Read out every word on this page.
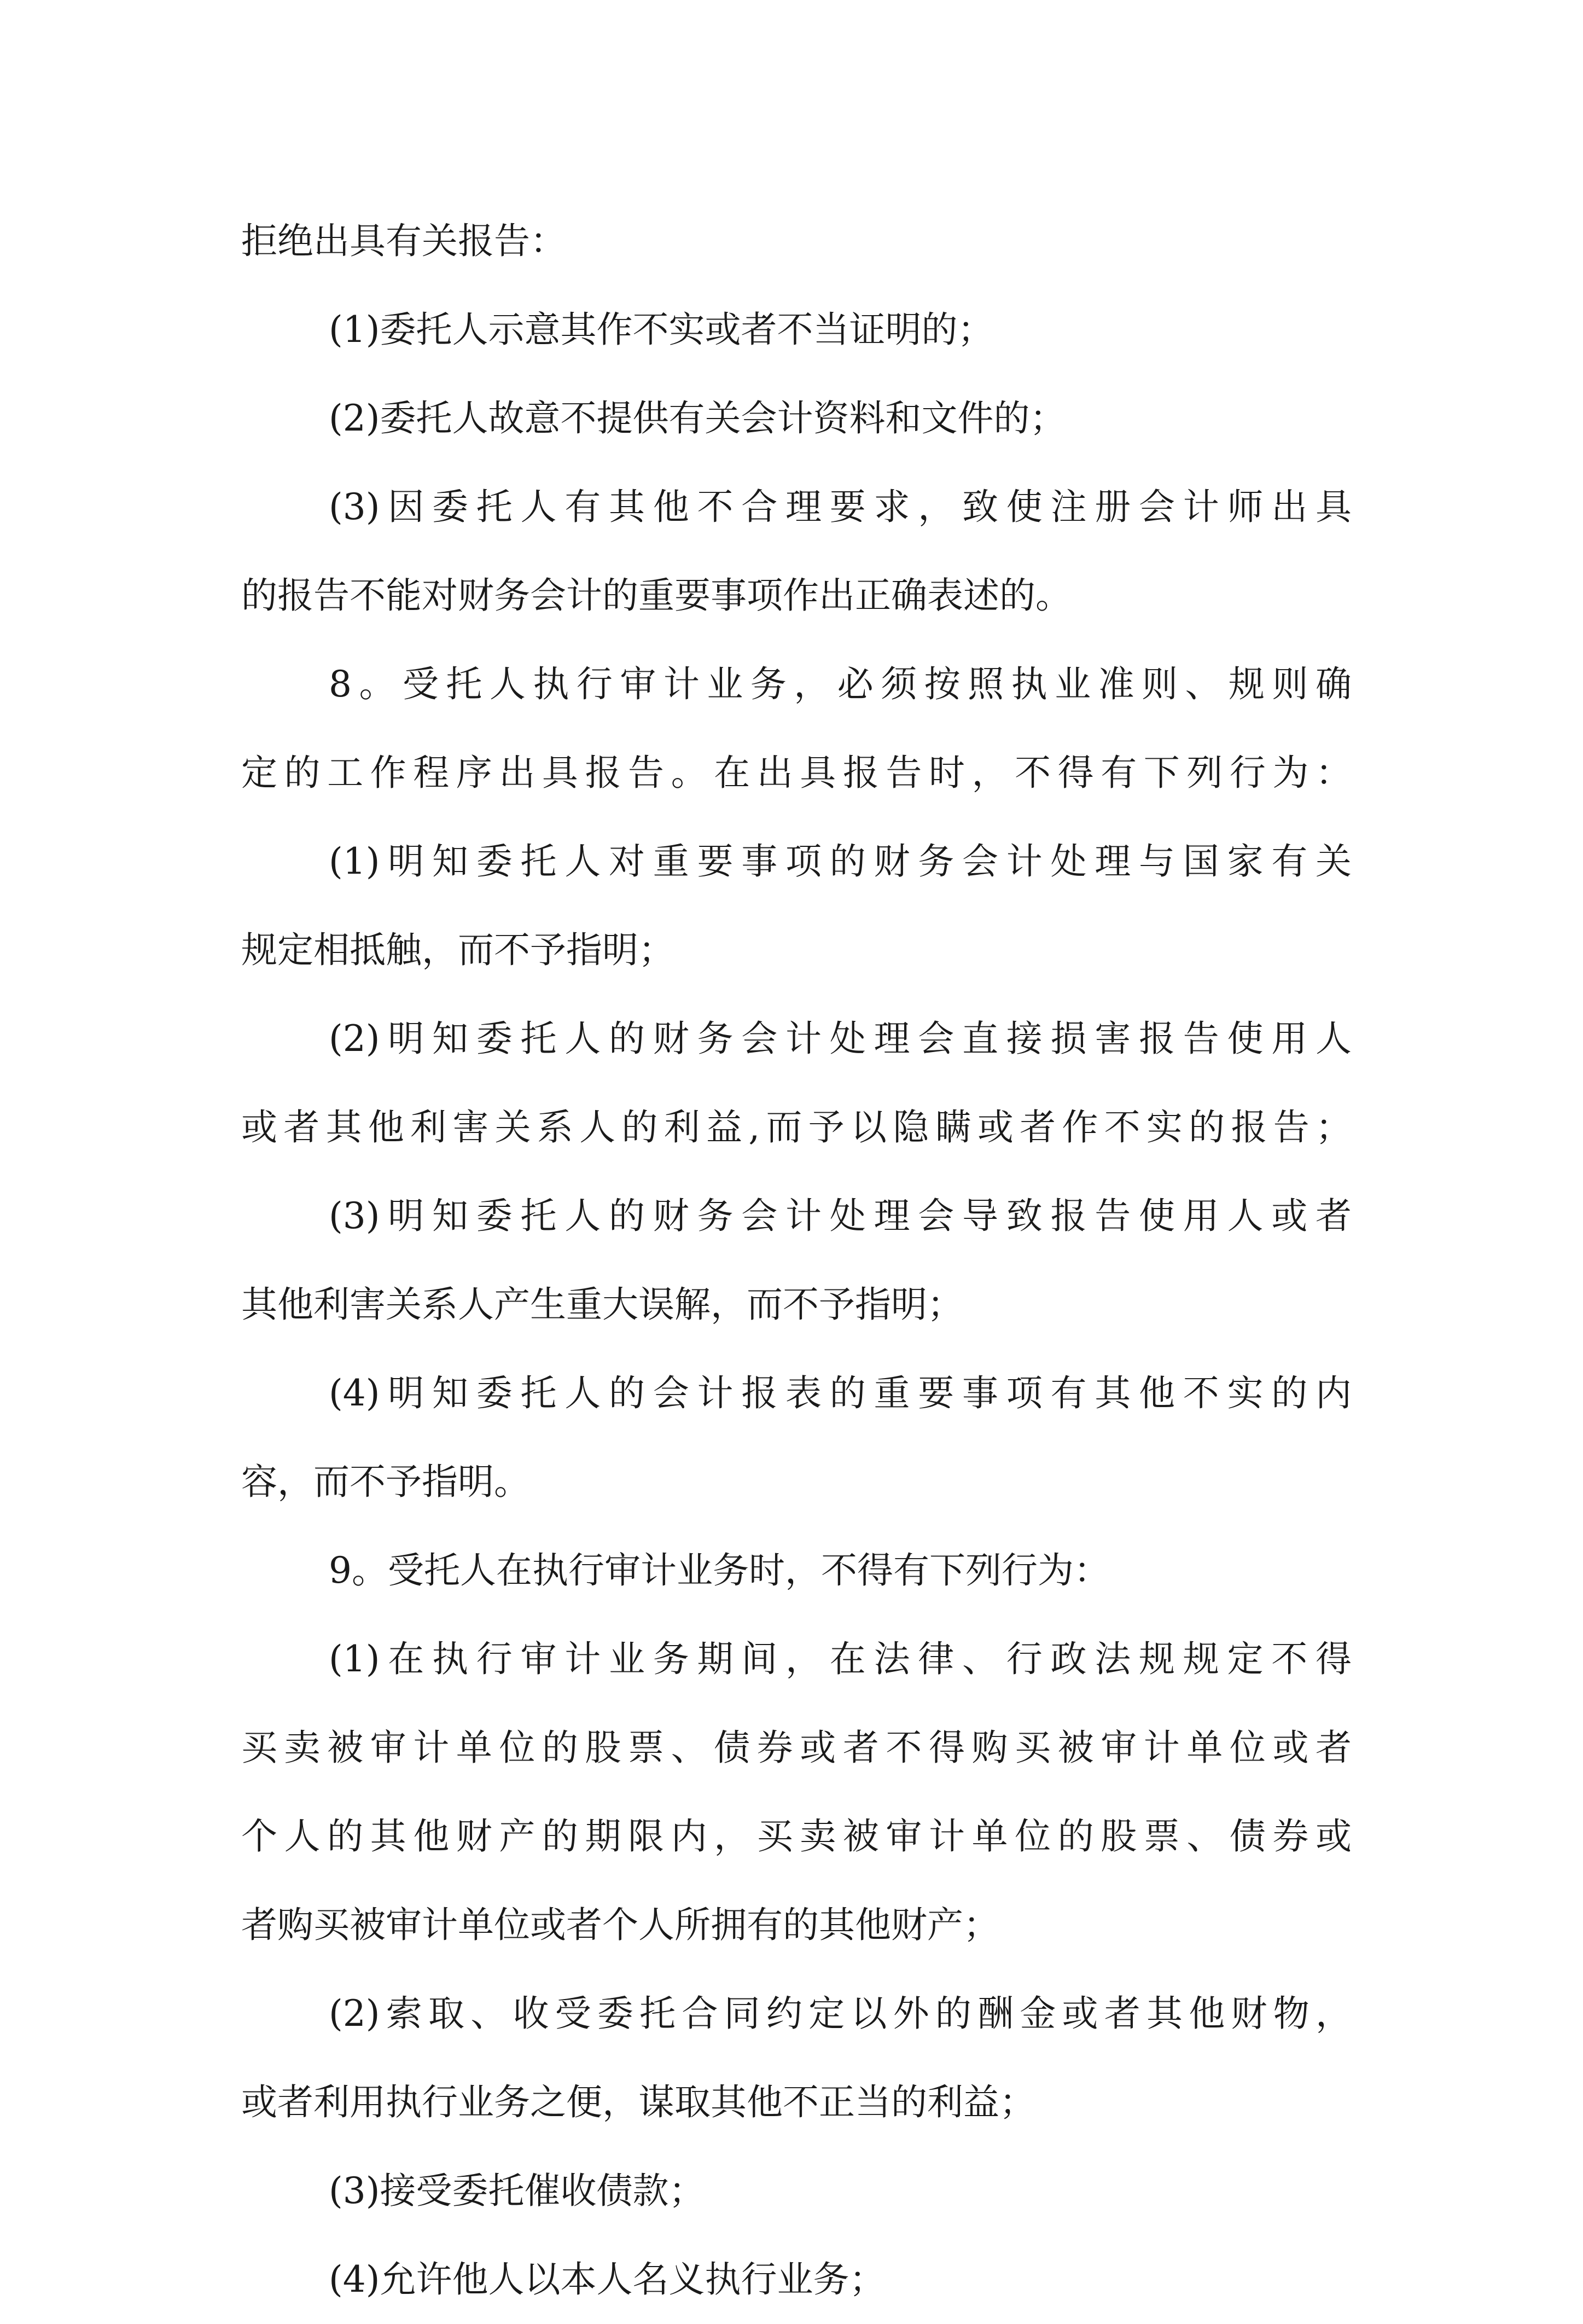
拒绝出具有关报告：
(1)委托人示意其作不实或者不当证明的；
(2)委托人故意不提供有关会计资料和文件的；
(3)因委托人有其他不合理要求，致使注册会计师出具
的报告不能对财务会计的重要事项作出正确表述的。
8。受托人执行审计业务，必须按照执业准则、规则确
定的工作程序出具报告。在出具报告时，不得有下列行为：
(1)明知委托人对重要事项的财务会计处理与国家有关
规定相抵触，而不予指明；
(2)明知委托人的财务会计处理会直接损害报告使用人
或者其他利害关系人的利益,而予以隐瞒或者作不实的报告；
(3)明知委托人的财务会计处理会导致报告使用人或者
其他利害关系人产生重大误解，而不予指明；
(4)明知委托人的会计报表的重要事项有其他不实的内
容，而不予指明。
9。受托人在执行审计业务时，不得有下列行为：
(1)在执行审计业务期间，在法律、行政法规规定不得
买卖被审计单位的股票、债券或者不得购买被审计单位或者
个人的其他财产的期限内，买卖被审计单位的股票、债券或
者购买被审计单位或者个人所拥有的其他财产；
(2)索取、收受委托合同约定以外的酬金或者其他财物，
或者利用执行业务之便，谋取其他不正当的利益；
(3)接受委托催收债款；
(4)允许他人以本人名义执行业务；
